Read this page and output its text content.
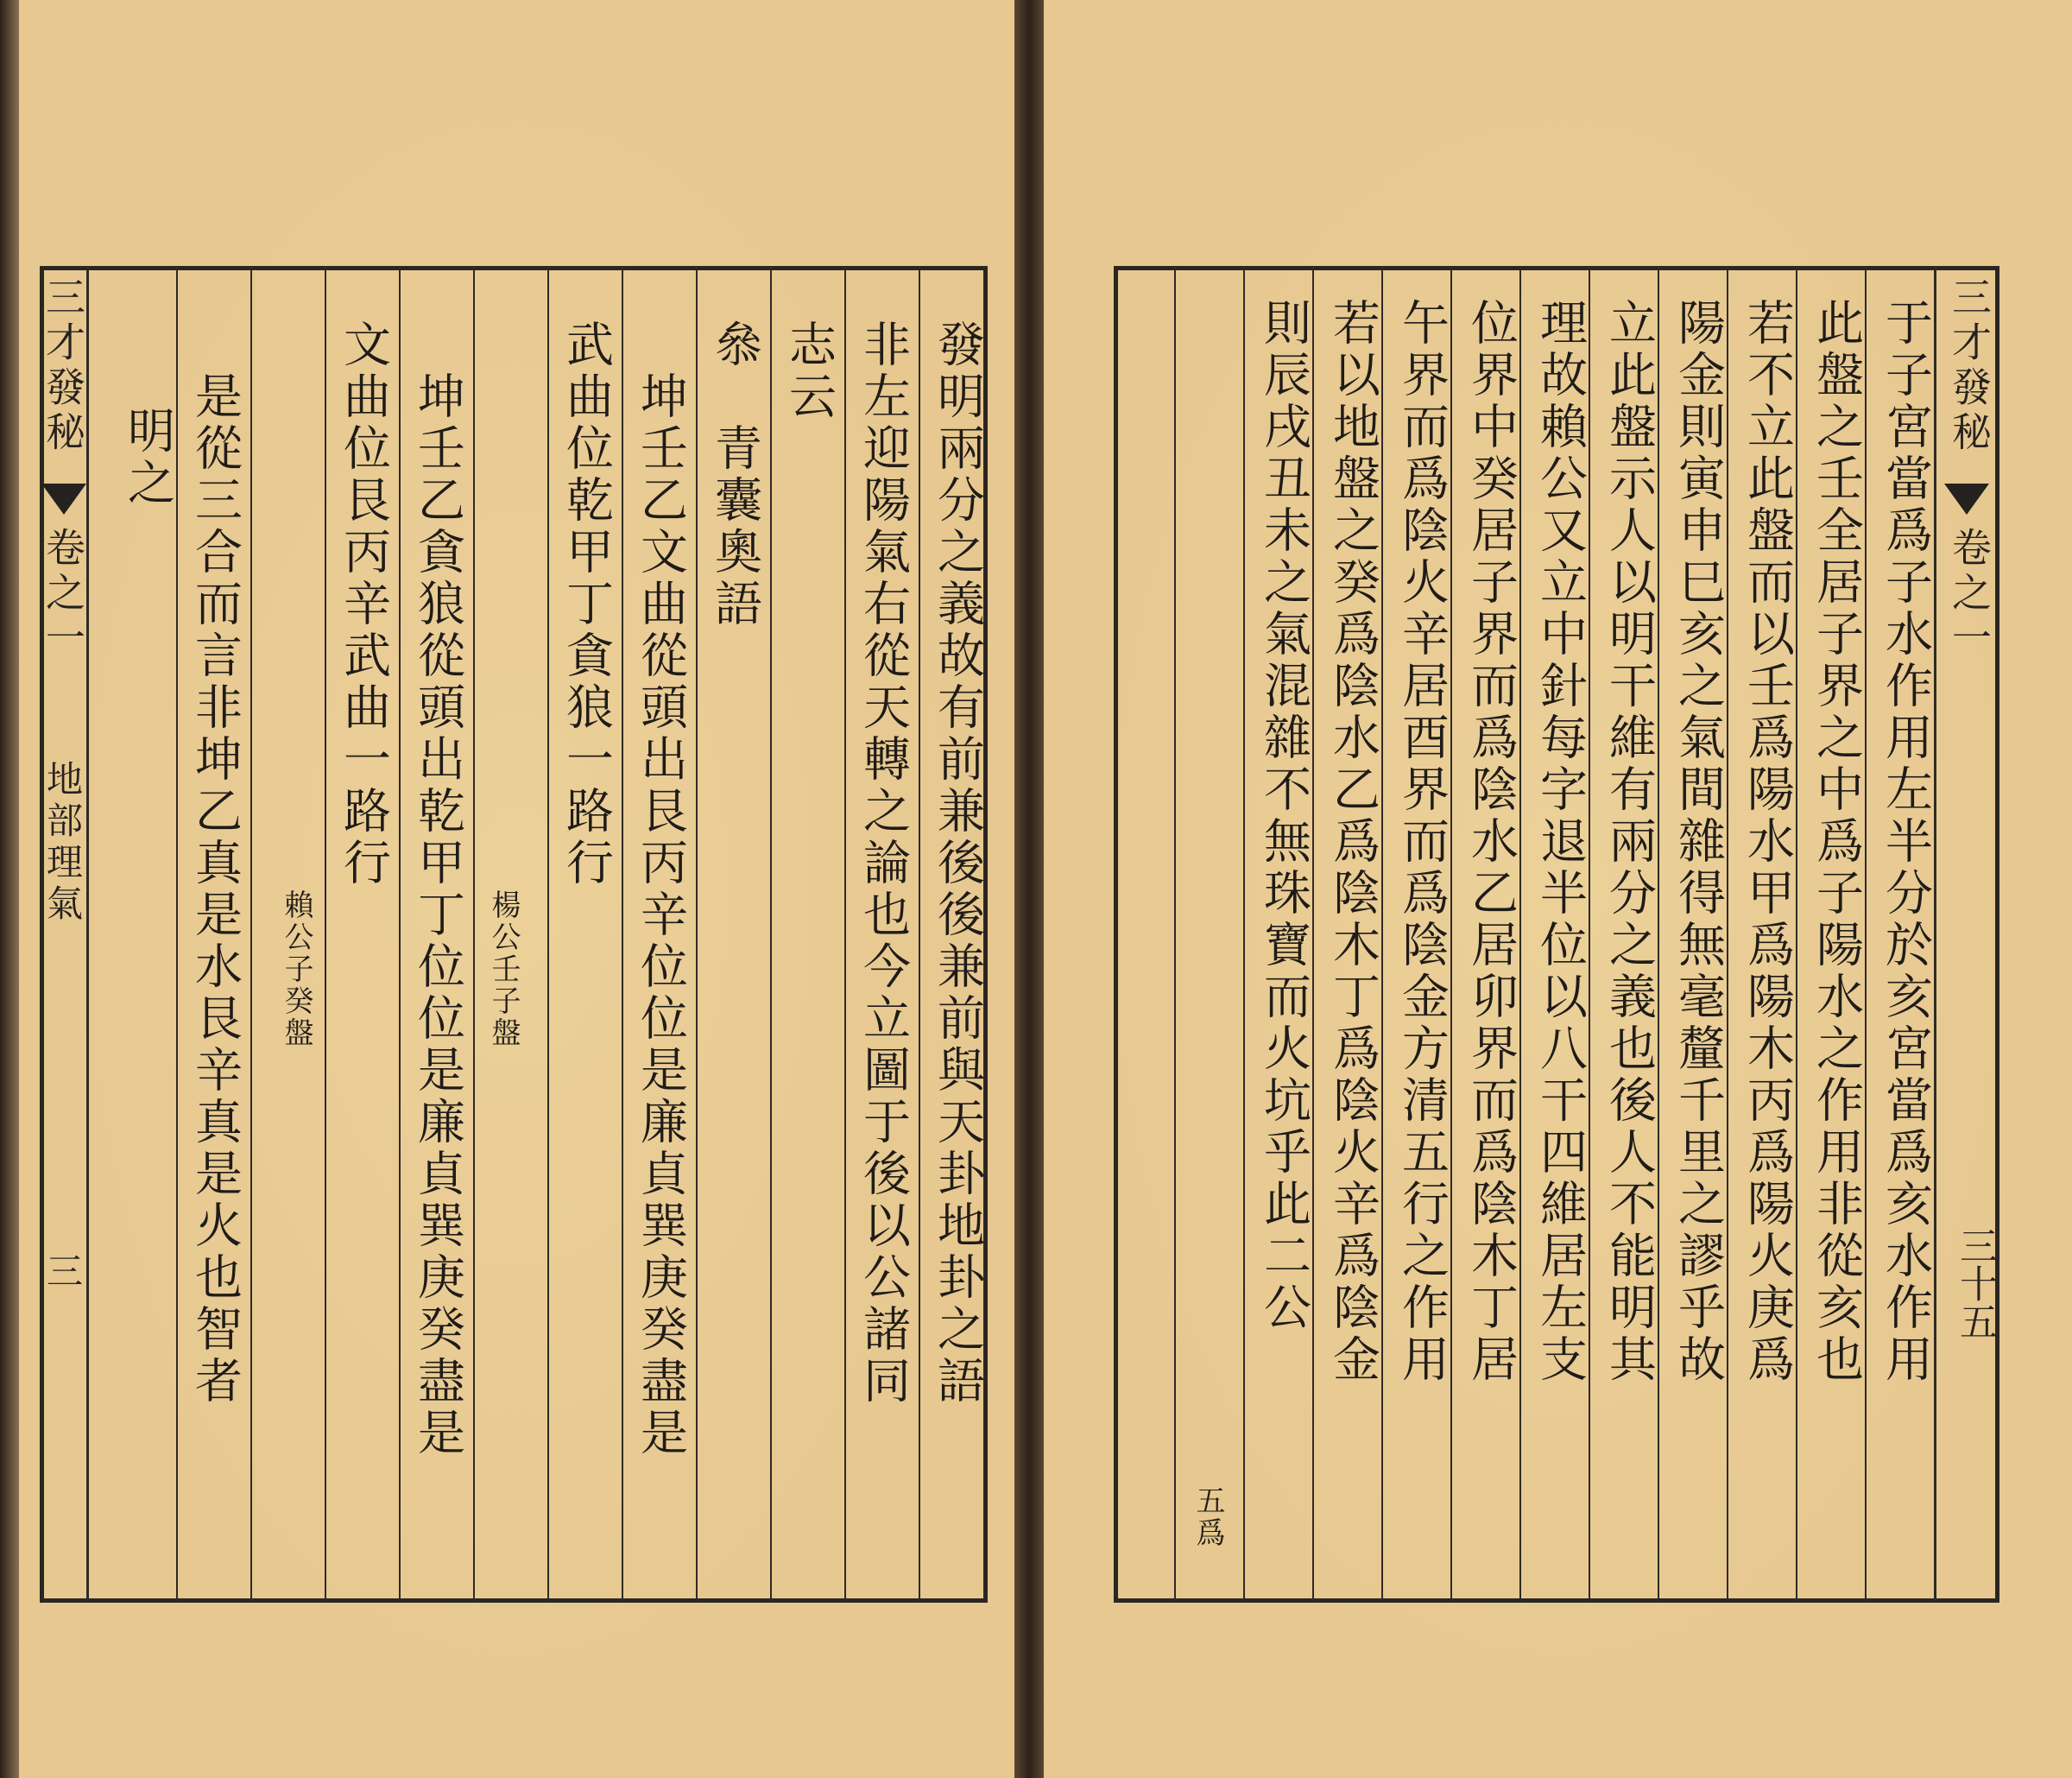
三才發秘
卷之一
地部理氣
三	發明兩分之義故有前兼後後兼前與天卦地卦之語
非左迎陽氣右從天轉之論也今立圖于後以公諸同
志云
叅　青囊奧語
坤壬乙文曲從頭出艮丙辛位位是廉貞巽庚癸盡是
武曲位乾甲丁貪狼一路行
楊公壬子盤
坤壬乙貪狼從頭出乾甲丁位位是廉貞巽庚癸盡是
文曲位艮丙辛武曲一路行
賴公子癸盤
是從三合而言非坤乙真是水艮辛真是火也智者
明之
三才發秘
卷之一
三十五
于子宮當爲子水作用左半分於亥宮當爲亥水作用
此盤之壬全居子界之中爲子陽水之作用非從亥也
若不立此盤而以壬爲陽水甲爲陽木丙爲陽火庚爲
陽金則寅申巳亥之氣間雜得無毫釐千里之謬乎故
立此盤示人以明干維有兩分之義也後人不能明其
理故賴公又立中針每字退半位以八干四維居左支
位界中癸居子界而爲陰水乙居卯界而爲陰木丁居
午界而爲陰火辛居酉界而爲陰金方清五行之作用
若以地盤之癸爲陰水乙爲陰木丁爲陰火辛爲陰金
則辰戌丑未之氣混雜不無珠寶而火坑乎此二公
五爲
